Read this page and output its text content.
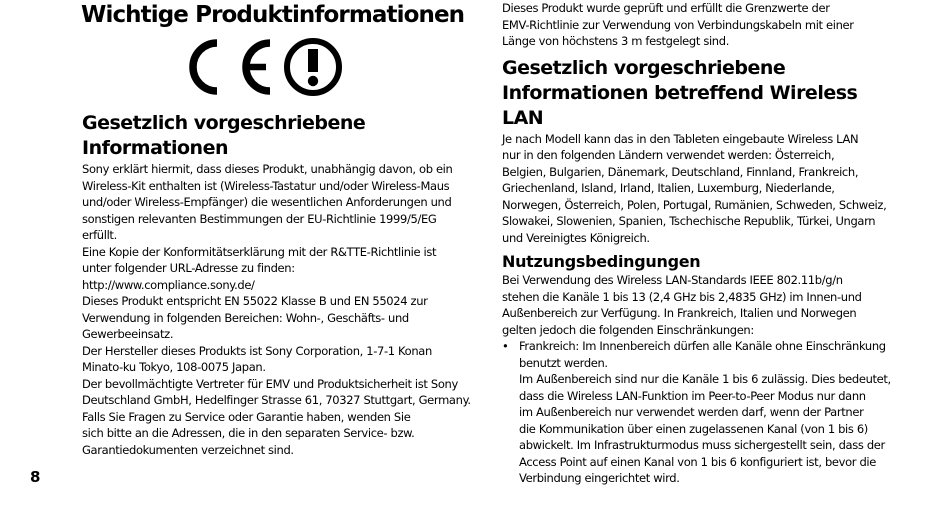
Wichtige Produktinformationen
Gesetzlich vorgeschriebene
Informationen
Sony erklärt hiermit, dass dieses Produkt, unabhängig davon, ob ein
Wireless-Kit enthalten ist (Wireless-Tastatur und/oder Wireless-Maus
und/oder Wireless-Empfänger) die wesentlichen Anforderungen und
sonstigen relevanten Bestimmungen der EU-Richtlinie 1999/5/EG
erfüllt.
Eine Kopie der Konformitätserklärung mit der R&TTE-Richtlinie ist
unter folgender URL-Adresse zu finden:
http://www.compliance.sony.de/
Dieses Produkt entspricht EN 55022 Klasse B und EN 55024 zur
Verwendung in folgenden Bereichen: Wohn-, Geschäfts- und
Gewerbeeinsatz.
Der Hersteller dieses Produkts ist Sony Corporation, 1-7-1 Konan
Minato-ku Tokyo, 108-0075 Japan.
Der bevollmächtigte Vertreter für EMV und Produktsicherheit ist Sony
Deutschland GmbH, Hedelfinger Strasse 61, 70327 Stuttgart, Germany.
Falls Sie Fragen zu Service oder Garantie haben, wenden Sie
sich bitte an die Adressen, die in den separaten Service- bzw.
Garantiedokumenten verzeichnet sind.
Dieses Produkt wurde geprüft und erfüllt die Grenzwerte der
EMV-Richtlinie zur Verwendung von Verbindungskabeln mit einer
Länge von höchstens 3 m festgelegt sind.
Gesetzlich vorgeschriebene
Informationen betreffend Wireless LAN
Je nach Modell kann das in den Tableten eingebaute Wireless LAN
nur in den folgenden Ländern verwendet werden: Österreich,
Belgien, Bulgarien, Dänemark, Deutschland, Finnland, Frankreich,
Griechenland, Island, Irland, Italien, Luxemburg, Niederlande,
Norwegen, Österreich, Polen, Portugal, Rumänien, Schweden, Schweiz,
Slowakei, Slowenien, Spanien, Tschechische Republik, Türkei, Ungarn
und Vereinigtes Königreich.
Nutzungsbedingungen
Bei Verwendung des Wireless LAN-Standards IEEE 802.11b/g/n
stehen die Kanäle 1 bis 13 (2,4 GHz bis 2,4835 GHz) im Innen-und
Außenbereich zur Verfügung. In Frankreich, Italien und Norwegen
gelten jedoch die folgenden Einschränkungen:
• Frankreich: Im Innenbereich dürfen alle Kanäle ohne Einschränkung
benutzt werden.
Im Außenbereich sind nur die Kanäle 1 bis 6 zulässig. Dies bedeutet,
dass die Wireless LAN-Funktion im Peer-to-Peer Modus nur dann
im Außenbereich nur verwendet werden darf, wenn der Partner
die Kommunikation über einen zugelassenen Kanal (von 1 bis 6)
abwickelt. Im Infrastrukturmodus muss sichergestellt sein, dass der
Access Point auf einen Kanal von 1 bis 6 konfiguriert ist, bevor die
Verbindung eingerichtet wird.
8
